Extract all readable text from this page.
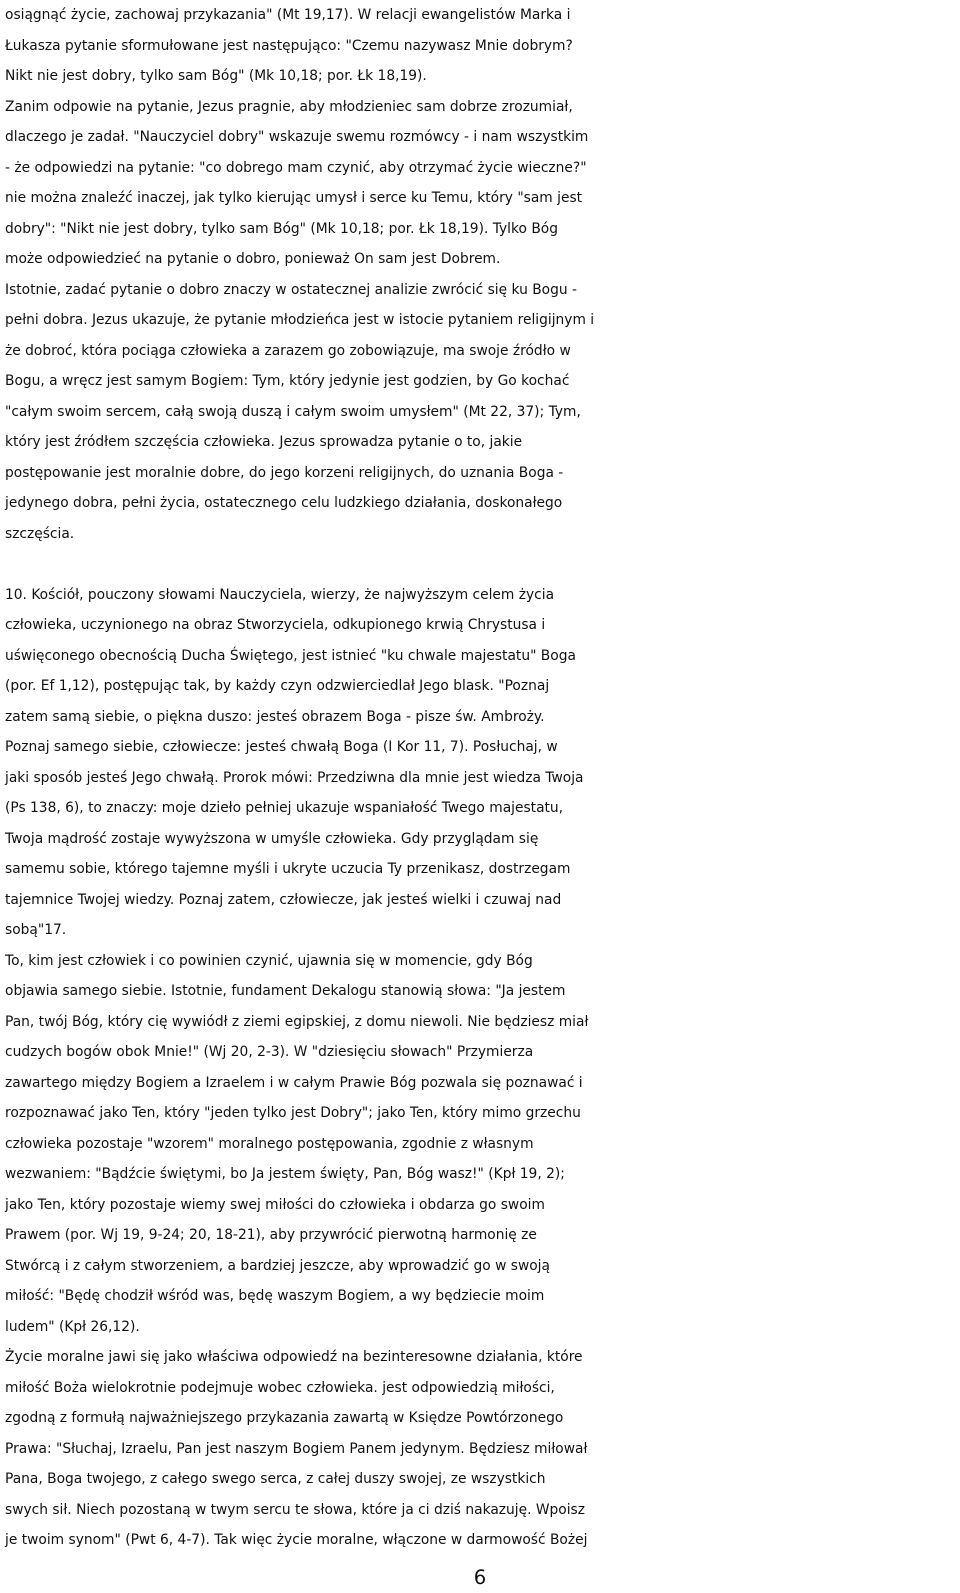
osiągnąć życie, zachowaj przykazania" (Mt 19,17). W relacji ewangelistów Marka i
Łukasza pytanie sformułowane jest następująco: "Czemu nazywasz Mnie dobrym?
Nikt nie jest dobry, tylko sam Bóg" (Mk 10,18; por. Łk 18,19).
Zanim odpowie na pytanie, Jezus pragnie, aby młodzieniec sam dobrze zrozumiał,
dlaczego je zadał. "Nauczyciel dobry" wskazuje swemu rozmówcy - i nam wszystkim
- że odpowiedzi na pytanie: "co dobrego mam czynić, aby otrzymać życie wieczne?"
nie można znaleźć inaczej, jak tylko kierując umysł i serce ku Temu, który "sam jest
dobry": "Nikt nie jest dobry, tylko sam Bóg" (Mk 10,18; por. Łk 18,19). Tylko Bóg
może odpowiedzieć na pytanie o dobro, ponieważ On sam jest Dobrem.
Istotnie, zadać pytanie o dobro znaczy w ostatecznej analizie zwrócić się ku Bogu -
pełni dobra. Jezus ukazuje, że pytanie młodzieńca jest w istocie pytaniem religijnym i
że dobroć, która pociąga człowieka a zarazem go zobowiązuje, ma swoje źródło w
Bogu, a wręcz jest samym Bogiem: Tym, który jedynie jest godzien, by Go kochać
"całym swoim sercem, całą swoją duszą i całym swoim umysłem" (Mt 22, 37); Tym,
który jest źródłem szczęścia człowieka. Jezus sprowadza pytanie o to, jakie
postępowanie jest moralnie dobre, do jego korzeni religijnych, do uznania Boga -
jedynego dobra, pełni życia, ostatecznego celu ludzkiego działania, doskonałego
szczęścia.
10. Kościół, pouczony słowami Nauczyciela, wierzy, że najwyższym celem życia
człowieka, uczynionego na obraz Stworzyciela, odkupionego krwią Chrystusa i
uświęconego obecnością Ducha Świętego, jest istnieć "ku chwale majestatu" Boga
(por. Ef 1,12), postępując tak, by każdy czyn odzwierciedlał Jego blask. "Poznaj
zatem samą siebie, o piękna duszo: jesteś obrazem Boga - pisze św. Ambroży.
Poznaj samego siebie, człowiecze: jesteś chwałą Boga (I Kor 11, 7). Posłuchaj, w
jaki sposób jesteś Jego chwałą. Prorok mówi: Przedziwna dla mnie jest wiedza Twoja
(Ps 138, 6), to znaczy: moje dzieło pełniej ukazuje wspaniałość Twego majestatu,
Twoja mądrość zostaje wywyższona w umyśle człowieka. Gdy przyglądam się
samemu sobie, którego tajemne myśli i ukryte uczucia Ty przenikasz, dostrzegam
tajemnice Twojej wiedzy. Poznaj zatem, człowiecze, jak jesteś wielki i czuwaj nad
sobą"17.
To, kim jest człowiek i co powinien czynić, ujawnia się w momencie, gdy Bóg
objawia samego siebie. Istotnie, fundament Dekalogu stanowią słowa: "Ja jestem
Pan, twój Bóg, który cię wywiódł z ziemi egipskiej, z domu niewoli. Nie będziesz miał
cudzych bogów obok Mnie!" (Wj 20, 2-3). W "dziesięciu słowach" Przymierza
zawartego między Bogiem a Izraelem i w całym Prawie Bóg pozwala się poznawać i
rozpoznawać jako Ten, który "jeden tylko jest Dobry"; jako Ten, który mimo grzechu
człowieka pozostaje "wzorem" moralnego postępowania, zgodnie z własnym
wezwaniem: "Bądźcie świętymi, bo Ja jestem święty, Pan, Bóg wasz!" (Kpł 19, 2);
jako Ten, który pozostaje wiemy swej miłości do człowieka i obdarza go swoim
Prawem (por. Wj 19, 9-24; 20, 18-21), aby przywrócić pierwotną harmonię ze
Stwórcą i z całym stworzeniem, a bardziej jeszcze, aby wprowadzić go w swoją
miłość: "Będę chodził wśród was, będę waszym Bogiem, a wy będziecie moim
ludem" (Kpł 26,12).
Życie moralne jawi się jako właściwa odpowiedź na bezinteresowne działania, które
miłość Boża wielokrotnie podejmuje wobec człowieka. jest odpowiedzią miłości,
zgodną z formułą najważniejszego przykazania zawartą w Księdze Powtórzonego
Prawa: "Słuchaj, Izraelu, Pan jest naszym Bogiem Panem jedynym. Będziesz miłował
Pana, Boga twojego, z całego swego serca, z całej duszy swojej, ze wszystkich
swych sił. Niech pozostaną w twym sercu te słowa, które ja ci dziś nakazuję. Wpoisz
je twoim synom" (Pwt 6, 4-7). Tak więc życie moralne, włączone w darmowość Bożej
6
